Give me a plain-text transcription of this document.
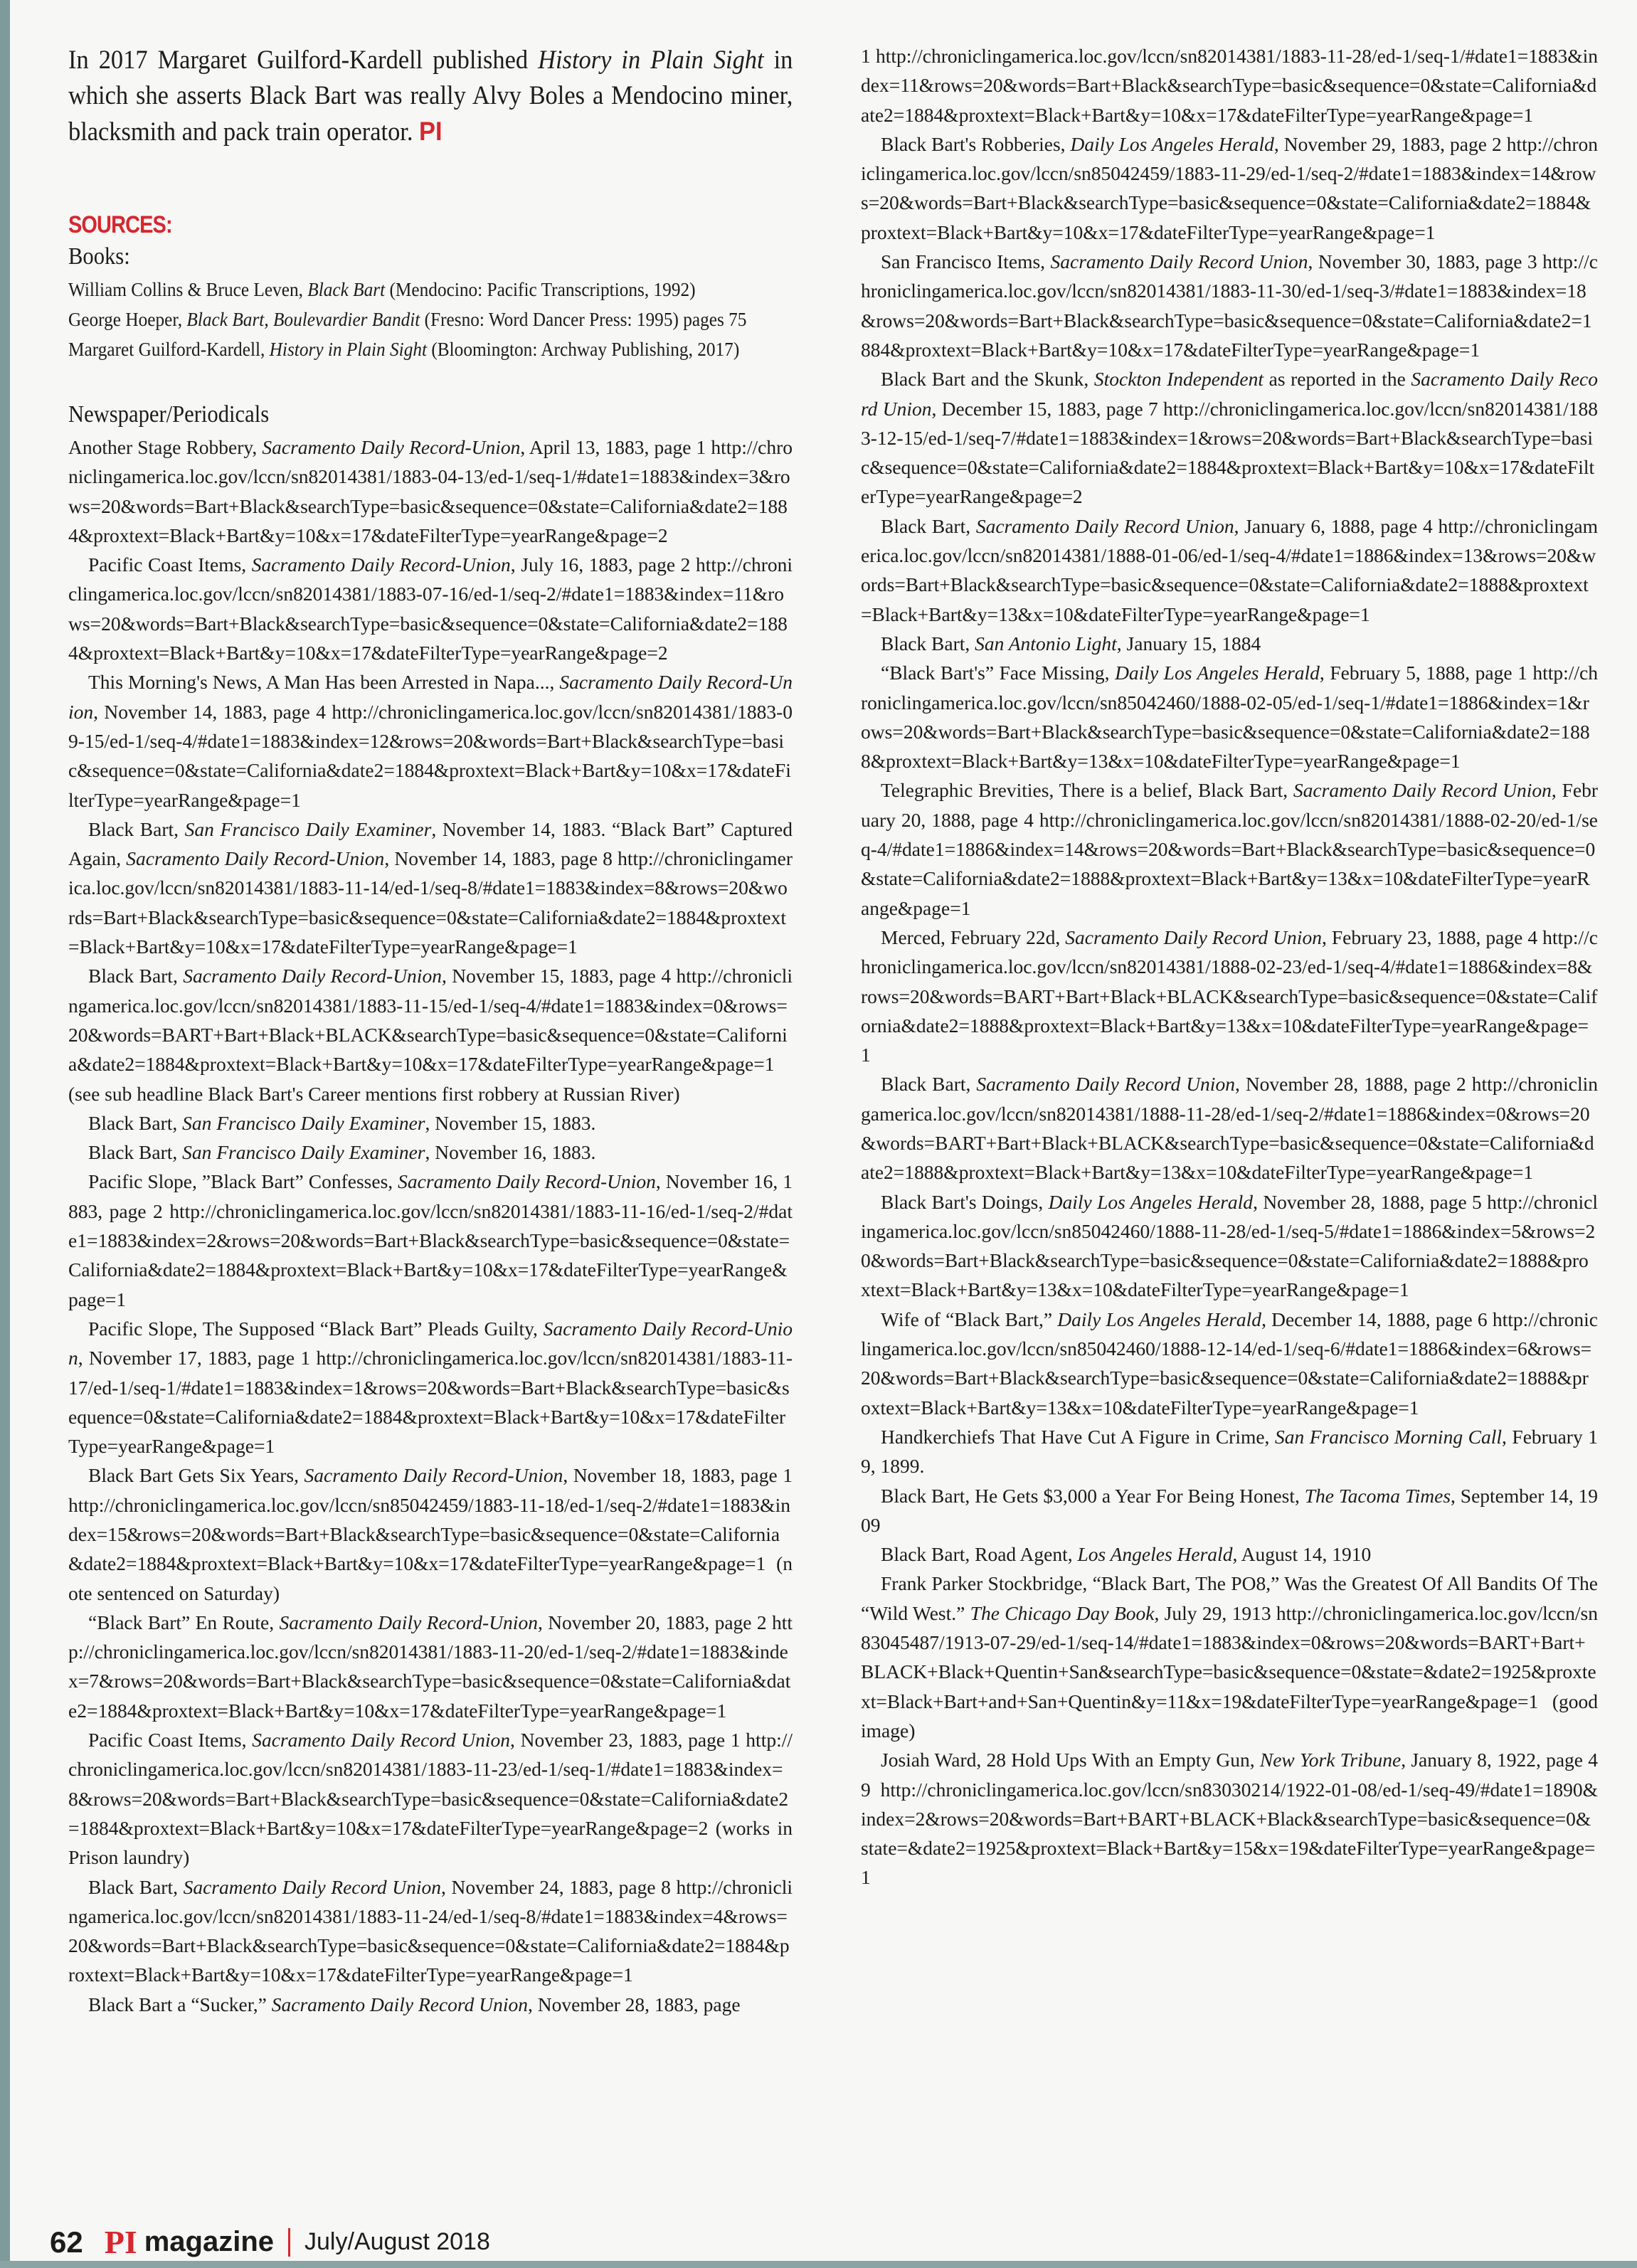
In 2017 Margaret Guilford-Kardell published History in Plain Sight in which she asserts Black Bart was really Alvy Boles a Mendocino miner, blacksmith and pack train operator. PI

SOURCES:
Books:
William Collins & Bruce Leven, Black Bart (Mendocino: Pacific Transcriptions, 1992)
George Hoeper, Black Bart, Boulevardier Bandit (Fresno: Word Dancer Press: 1995) pages 75
Margaret Guilford-Kardell, History in Plain Sight (Bloomington: Archway Publishing, 2017)
Newspaper/Periodicals

Another Stage Robbery, Sacramento Daily Record-Union, April 13, 1883, page 1 http://chroniclingamerica.loc.gov/lccn/sn82014381/1883-04-13/ed-1/seq-1/#date1=1883&index=3&rows=20&words=Bart+Black&searchType=basic&sequence=0&state=California&date2=1884&proxtext=Black+Bart&y=10&x=17&dateFilterType=yearRange&page=2

Pacific Coast Items, Sacramento Daily Record-Union, July 16, 1883, page 2 http://chroniclingamerica.loc.gov/lccn/sn82014381/1883-07-16/ed-1/seq-2/#date1=1883&index=11&rows=20&words=Bart+Black&searchType=basic&sequence=0&state=California&date2=1884&proxtext=Black+Bart&y=10&x=17&dateFilterType=yearRange&page=2

This Morning's News, A Man Has been Arrested in Napa..., Sacramento Daily Record-Union, November 14, 1883, page 4 http://chroniclingamerica.loc.gov/lccn/sn82014381/1883-09-15/ed-1/seq-4/#date1=1883&index=12&rows=20&words=Bart+Black&searchType=basic&sequence=0&state=California&date2=1884&proxtext=Black+Bart&y=10&x=17&dateFilterType=yearRange&page=1

Black Bart, San Francisco Daily Examiner, November 14, 1883. “Black Bart” Captured Again, Sacramento Daily Record-Union, November 14, 1883, page 8 http://chroniclingamerica.loc.gov/lccn/sn82014381/1883-11-14/ed-1/seq-8/#date1=1883&index=8&rows=20&words=Bart+Black&searchType=basic&sequence=0&state=California&date2=1884&proxtext=Black+Bart&y=10&x=17&dateFilterType=yearRange&page=1

Black Bart, Sacramento Daily Record-Union, November 15, 1883, page 4 http://chroniclingamerica.loc.gov/lccn/sn82014381/1883-11-15/ed-1/seq-4/#date1=1883&index=0&rows=20&words=BART+Bart+Black+BLACK&searchType=basic&sequence=0&state=California&date2=1884&proxtext=Black+Bart&y=10&x=17&dateFilterType=yearRange&page=1 (see sub headline Black Bart's Career mentions first robbery at Russian River)

Black Bart, San Francisco Daily Examiner, November 15, 1883.

Black Bart, San Francisco Daily Examiner, November 16, 1883.

Pacific Slope, ”Black Bart” Confesses, Sacramento Daily Record-Union, November 16, 1883, page 2 http://chroniclingamerica.loc.gov/lccn/sn82014381/1883-11-16/ed-1/seq-2/#date1=1883&index=2&rows=20&words=Bart+Black&searchType=basic&sequence=0&state=California&date2=1884&proxtext=Black+Bart&y=10&x=17&dateFilterType=yearRange&page=1

Pacific Slope, The Supposed “Black Bart” Pleads Guilty, Sacramento Daily Record-Union, November 17, 1883, page 1 http://chroniclingamerica.loc.gov/lccn/sn82014381/1883-11-17/ed-1/seq-1/#date1=1883&index=1&rows=20&words=Bart+Black&searchType=basic&sequence=0&state=California&date2=1884&proxtext=Black+Bart&y=10&x=17&dateFilterType=yearRange&page=1

Black Bart Gets Six Years, Sacramento Daily Record-Union, November 18, 1883, page 1 http://chroniclingamerica.loc.gov/lccn/sn85042459/1883-11-18/ed-1/seq-2/#date1=1883&index=15&rows=20&words=Bart+Black&searchType=basic&sequence=0&state=California&date2=1884&proxtext=Black+Bart&y=10&x=17&dateFilterType=yearRange&page=1 (note sentenced on Saturday)

“Black Bart” En Route, Sacramento Daily Record-Union, November 20, 1883, page 2 http://chroniclingamerica.loc.gov/lccn/sn82014381/1883-11-20/ed-1/seq-2/#date1=1883&index=7&rows=20&words=Bart+Black&searchType=basic&sequence=0&state=California&date2=1884&proxtext=Black+Bart&y=10&x=17&dateFilterType=yearRange&page=1

Pacific Coast Items, Sacramento Daily Record Union, November 23, 1883, page 1 http://chroniclingamerica.loc.gov/lccn/sn82014381/1883-11-23/ed-1/seq-1/#date1=1883&index=8&rows=20&words=Bart+Black&searchType=basic&sequence=0&state=California&date2=1884&proxtext=Black+Bart&y=10&x=17&dateFilterType=yearRange&page=2 (works in Prison laundry)

Black Bart, Sacramento Daily Record Union, November 24, 1883, page 8 http://chroniclingamerica.loc.gov/lccn/sn82014381/1883-11-24/ed-1/seq-8/#date1=1883&index=4&rows=20&words=Bart+Black&searchType=basic&sequence=0&state=California&date2=1884&proxtext=Black+Bart&y=10&x=17&dateFilterType=yearRange&page=1

Black Bart a “Sucker,” Sacramento Daily Record Union, November 28, 1883, page

1 http://chroniclingamerica.loc.gov/lccn/sn82014381/1883-11-28/ed-1/seq-1/#date1=1883&index=11&rows=20&words=Bart+Black&searchType=basic&sequence=0&state=California&date2=1884&proxtext=Black+Bart&y=10&x=17&dateFilterType=yearRange&page=1

Black Bart's Robberies, Daily Los Angeles Herald, November 29, 1883, page 2 http://chroniclingamerica.loc.gov/lccn/sn85042459/1883-11-29/ed-1/seq-2/#date1=1883&index=14&rows=20&words=Bart+Black&searchType=basic&sequence=0&state=California&date2=1884&proxtext=Black+Bart&y=10&x=17&dateFilterType=yearRange&page=1

San Francisco Items, Sacramento Daily Record Union, November 30, 1883, page 3 http://chroniclingamerica.loc.gov/lccn/sn82014381/1883-11-30/ed-1/seq-3/#date1=1883&index=18&rows=20&words=Bart+Black&searchType=basic&sequence=0&state=California&date2=1884&proxtext=Black+Bart&y=10&x=17&dateFilterType=yearRange&page=1

Black Bart and the Skunk, Stockton Independent as reported in the Sacramento Daily Record Union, December 15, 1883, page 7 http://chroniclingamerica.loc.gov/lccn/sn82014381/1883-12-15/ed-1/seq-7/#date1=1883&index=1&rows=20&words=Bart+Black&searchType=basic&sequence=0&state=California&date2=1884&proxtext=Black+Bart&y=10&x=17&dateFilterType=yearRange&page=2

Black Bart, Sacramento Daily Record Union, January 6, 1888, page 4 http://chroniclingamerica.loc.gov/lccn/sn82014381/1888-01-06/ed-1/seq-4/#date1=1886&index=13&rows=20&words=Bart+Black&searchType=basic&sequence=0&state=California&date2=1888&proxtext=Black+Bart&y=13&x=10&dateFilterType=yearRange&page=1

Black Bart, San Antonio Light, January 15, 1884

“Black Bart's” Face Missing, Daily Los Angeles Herald, February 5, 1888, page 1 http://chroniclingamerica.loc.gov/lccn/sn85042460/1888-02-05/ed-1/seq-1/#date1=1886&index=1&rows=20&words=Bart+Black&searchType=basic&sequence=0&state=California&date2=1888&proxtext=Black+Bart&y=13&x=10&dateFilterType=yearRange&page=1

Telegraphic Brevities, There is a belief, Black Bart, Sacramento Daily Record Union, February 20, 1888, page 4 http://chroniclingamerica.loc.gov/lccn/sn82014381/1888-02-20/ed-1/seq-4/#date1=1886&index=14&rows=20&words=Bart+Black&searchType=basic&sequence=0&state=California&date2=1888&proxtext=Black+Bart&y=13&x=10&dateFilterType=yearRange&page=1

Merced, February 22d, Sacramento Daily Record Union, February 23, 1888, page 4 http://chroniclingamerica.loc.gov/lccn/sn82014381/1888-02-23/ed-1/seq-4/#date1=1886&index=8&rows=20&words=BART+Bart+Black+BLACK&searchType=basic&sequence=0&state=California&date2=1888&proxtext=Black+Bart&y=13&x=10&dateFilterType=yearRange&page=1

Black Bart, Sacramento Daily Record Union, November 28, 1888, page 2 http://chroniclingamerica.loc.gov/lccn/sn82014381/1888-11-28/ed-1/seq-2/#date1=1886&index=0&rows=20&words=BART+Bart+Black+BLACK&searchType=basic&sequence=0&state=California&date2=1888&proxtext=Black+Bart&y=13&x=10&dateFilterType=yearRange&page=1

Black Bart's Doings, Daily Los Angeles Herald, November 28, 1888, page 5 http://chroniclingamerica.loc.gov/lccn/sn85042460/1888-11-28/ed-1/seq-5/#date1=1886&index=5&rows=20&words=Bart+Black&searchType=basic&sequence=0&state=California&date2=1888&proxtext=Black+Bart&y=13&x=10&dateFilterType=yearRange&page=1

Wife of “Black Bart,” Daily Los Angeles Herald, December 14, 1888, page 6 http://chroniclingamerica.loc.gov/lccn/sn85042460/1888-12-14/ed-1/seq-6/#date1=1886&index=6&rows=20&words=Bart+Black&searchType=basic&sequence=0&state=California&date2=1888&proxtext=Black+Bart&y=13&x=10&dateFilterType=yearRange&page=1

Handkerchiefs That Have Cut A Figure in Crime, San Francisco Morning Call, February 19, 1899.

Black Bart, He Gets $3,000 a Year For Being Honest, The Tacoma Times, September 14, 1909

Black Bart, Road Agent, Los Angeles Herald, August 14, 1910

Frank Parker Stockbridge, “Black Bart, The PO8,” Was the Greatest Of All Bandits Of The “Wild West.” The Chicago Day Book, July 29, 1913 http://chroniclingamerica.loc.gov/lccn/sn83045487/1913-07-29/ed-1/seq-14/#date1=1883&index=0&rows=20&words=BART+Bart+BLACK+Black+Quentin+San&searchType=basic&sequence=0&state=&date2=1925&proxtext=Black+Bart+and+San+Quentin&y=11&x=19&dateFilterType=yearRange&page=1 (good image)

Josiah Ward, 28 Hold Ups With an Empty Gun, New York Tribune, January 8, 1922, page 49 http://chroniclingamerica.loc.gov/lccn/sn83030214/1922-01-08/ed-1/seq-49/#date1=1890&index=2&rows=20&words=Bart+BART+BLACK+Black&searchType=basic&sequence=0&state=&date2=1925&proxtext=Black+Bart&y=15&x=19&dateFilterType=yearRange&page=1

62 PI magazine July/August 2018
